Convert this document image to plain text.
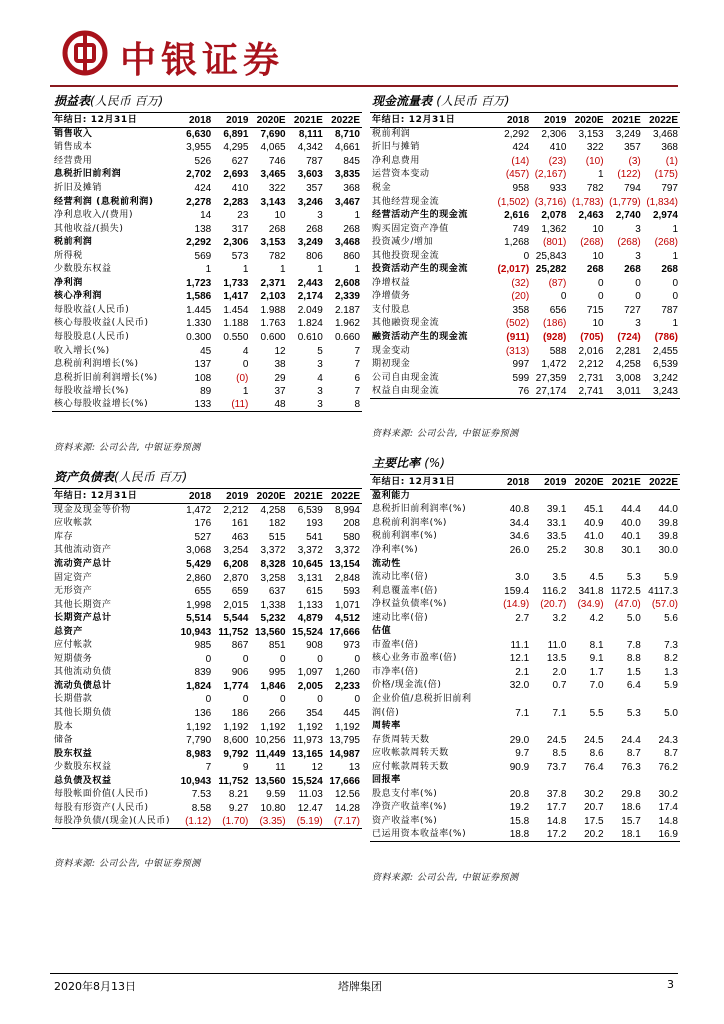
中银证券
损益表(人民币 百万)
年结日: 12月31日	2018	2019	2020E	2021E	2022E
销售收入	6,630	6,891	7,690	8,111	8,710
销售成本	3,955	4,295	4,065	4,342	4,661
经营费用	526	627	746	787	845
息税折旧前利润	2,702	2,693	3,465	3,603	3,835
折旧及摊销	424	410	322	357	368
经营利润 (息税前利润)	2,278	2,283	3,143	3,246	3,467
净利息收入/(费用)	14	23	10	3	1
其他收益/(损失)	138	317	268	268	268
税前利润	2,292	2,306	3,153	3,249	3,468
所得税	569	573	782	806	860
少数股东权益	1	1	1	1	1
净利润	1,723	1,733	2,371	2,443	2,608
核心净利润	1,586	1,417	2,103	2,174	2,339
每股收益(人民币)	1.445	1.454	1.988	2.049	2.187
核心每股收益(人民币)	1.330	1.188	1.763	1.824	1.962
每股股息(人民币)	0.300	0.550	0.600	0.610	0.660
收入增长(%)	45	4	12	5	7
息税前利润增长(%)	137	0	38	3	7
息税折旧前利润增长(%)	108	(0)	29	4	6
每股收益增长(%)	89	1	37	3	7
核心每股收益增长(%)	133	(11)	48	3	8
资料来源: 公司公告, 中银证券预测
资产负债表(人民币 百万)
年结日: 12月31日	2018	2019	2020E	2021E	2022E
现金及现金等价物	1,472	2,212	4,258	6,539	8,994
应收帐款	176	161	182	193	208
库存	527	463	515	541	580
其他流动资产	3,068	3,254	3,372	3,372	3,372
流动资产总计	5,429	6,208	8,328	10,645	13,154
固定资产	2,860	2,870	3,258	3,131	2,848
无形资产	655	659	637	615	593
其他长期资产	1,998	2,015	1,338	1,133	1,071
长期资产总计	5,514	5,544	5,232	4,879	4,512
总资产	10,943	11,752	13,560	15,524	17,666
应付帐款	985	867	851	908	973
短期债务	0	0	0	0	0
其他流动负债	839	906	995	1,097	1,260
流动负债总计	1,824	1,774	1,846	2,005	2,233
长期借款	0	0	0	0	0
其他长期负债	136	186	266	354	445
股本	1,192	1,192	1,192	1,192	1,192
储备	7,790	8,600	10,256	11,973	13,795
股东权益	8,983	9,792	11,449	13,165	14,987
少数股东权益	7	9	11	12	13
总负债及权益	10,943	11,752	13,560	15,524	17,666
每股帐面价值(人民币)	7.53	8.21	9.59	11.03	12.56
每股有形资产(人民币)	8.58	9.27	10.80	12.47	14.28
每股净负债/(现金)(人民币)	(1.12)	(1.70)	(3.35)	(5.19)	(7.17)
资料来源: 公司公告, 中银证券预测
现金流量表 (人民币 百万)
年结日: 12月31日	2018	2019	2020E	2021E	2022E
税前利润	2,292	2,306	3,153	3,249	3,468
折旧与摊销	424	410	322	357	368
净利息费用	(14)	(23)	(10)	(3)	(1)
运营资本变动	(457)	(2,167)	1	(122)	(175)
税金	958	933	782	794	797
其他经营现金流	(1,502)	(3,716)	(1,783)	(1,779)	(1,834)
经营活动产生的现金流	2,616	2,078	2,463	2,740	2,974
购买固定资产净值	749	1,362	10	3	1
投资减少/增加	1,268	(801)	(268)	(268)	(268)
其他投资现金流	0	25,843	10	3	1
投资活动产生的现金流	(2,017)	25,282	268	268	268
净增权益	(32)	(87)	0	0	0
净增债务	(20)	0	0	0	0
支付股息	358	656	715	727	787
其他融资现金流	(502)	(186)	10	3	1
融资活动产生的现金流	(911)	(928)	(705)	(724)	(786)
现金变动	(313)	588	2,016	2,281	2,455
期初现金	997	1,472	2,212	4,258	6,539
公司自由现金流	599	27,359	2,731	3,008	3,242
权益自由现金流	76	27,174	2,741	3,011	3,243
资料来源: 公司公告, 中银证券预测
主要比率 (%)
年结日: 12月31日	2018	2019	2020E	2021E	2022E
盈利能力					
息税折旧前利润率(%)	40.8	39.1	45.1	44.4	44.0
息税前利润率(%)	34.4	33.1	40.9	40.0	39.8
税前利润率(%)	34.6	33.5	41.0	40.1	39.8
净利率(%)	26.0	25.2	30.8	30.1	30.0
流动性					
流动比率(倍)	3.0	3.5	4.5	5.3	5.9
利息覆盖率(倍)	159.4	116.2	341.8	1172.5	4117.3
净权益负债率(%)	(14.9)	(20.7)	(34.9)	(47.0)	(57.0)
速动比率(倍)	2.7	3.2	4.2	5.0	5.6
估值					
市盈率(倍)	11.1	11.0	8.1	7.8	7.3
核心业务市盈率(倍)	12.1	13.5	9.1	8.8	8.2
市净率(倍)	2.1	2.0	1.7	1.5	1.3
价格/现金流(倍)	32.0	0.7	7.0	6.4	5.9
企业价值/息税折旧前利					
润(倍)	7.1	7.1	5.5	5.3	5.0
周转率					
存货周转天数	29.0	24.5	24.5	24.4	24.3
应收帐款周转天数	9.7	8.5	8.6	8.7	8.7
应付帐款周转天数	90.9	73.7	76.4	76.3	76.2
回报率					
股息支付率(%)	20.8	37.8	30.2	29.8	30.2
净资产收益率(%)	19.2	17.7	20.7	18.6	17.4
资产收益率(%)	15.8	14.8	17.5	15.7	14.8
已运用资本收益率(%)	18.8	17.2	20.2	18.1	16.9
资料来源: 公司公告, 中银证券预测
2020年8月13日	塔牌集团	3
